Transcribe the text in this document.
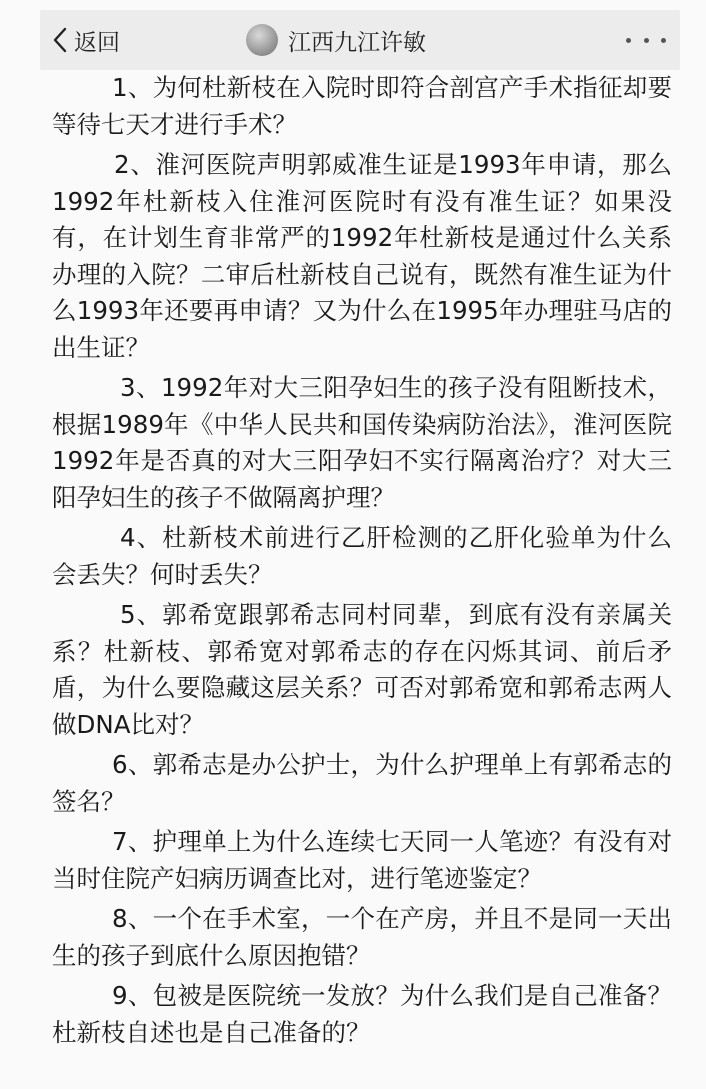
返回	江西九江许敏

1、为何杜新枝在入院时即符合剖宫产手术指征却要等待七天才进行手术？

2、淮河医院声明郭威准生证是1993年申请，那么1992年杜新枝入住淮河医院时有没有准生证？如果没有，在计划生育非常严的1992年杜新枝是通过什么关系办理的入院？二审后杜新枝自己说有，既然有准生证为什么1993年还要再申请？又为什么在1995年办理驻马店的出生证？

3、1992年对大三阳孕妇生的孩子没有阻断技术，根据1989年《中华人民共和国传染病防治法》，淮河医院1992年是否真的对大三阳孕妇不实行隔离治疗？对大三阳孕妇生的孩子不做隔离护理？

4、杜新枝术前进行乙肝检测的乙肝化验单为什么会丢失？何时丢失？

5、郭希宽跟郭希志同村同辈，到底有没有亲属关系？杜新枝、郭希宽对郭希志的存在闪烁其词、前后矛盾，为什么要隐藏这层关系？可否对郭希宽和郭希志两人做DNA比对？

6、郭希志是办公护士，为什么护理单上有郭希志的签名？

7、护理单上为什么连续七天同一人笔迹？有没有对当时住院产妇病历调查比对，进行笔迹鉴定？

8、一个在手术室，一个在产房，并且不是同一天出生的孩子到底什么原因抱错？

9、包被是医院统一发放？为什么我们是自己准备？杜新枝自述也是自己准备的？
